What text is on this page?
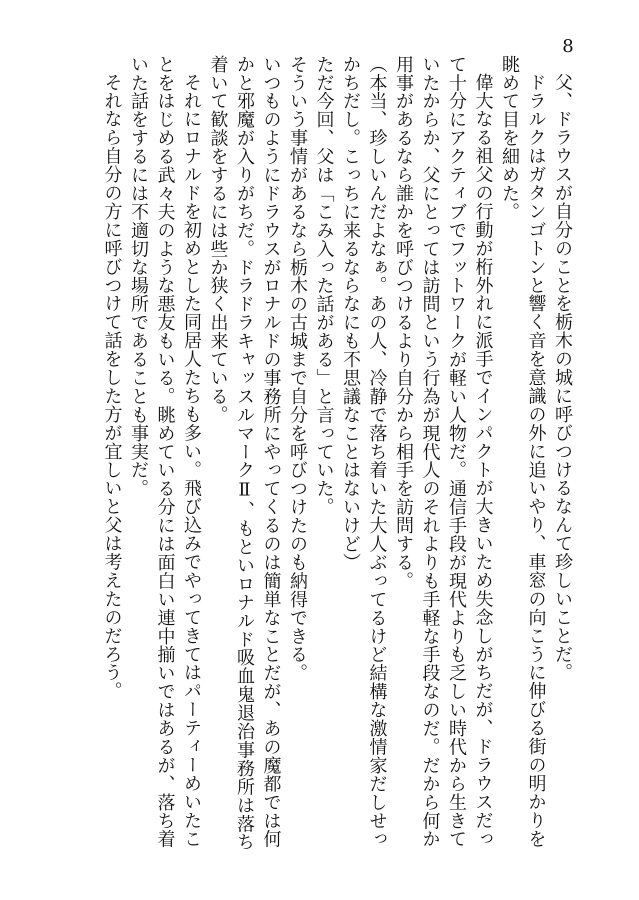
8

父、ドラウスが自分のことを栃木の城に呼びつけるなんて珍しいことだ。

ドラルクはガタンゴトンと響く音を意識の外に追いやり、車窓の向こうに伸びる街の明かりを眺めて目を細めた。

偉大なる祖父の行動が桁外れに派手でインパクトが大きいため失念しがちだが、ドラウスだって十分にアクティブでフットワークが軽い人物だ。通信手段が現代よりも乏しい時代から生きていたからか、父にとっては訪問という行為が現代人のそれよりも手軽な手段なのだ。だから何か用事があるなら誰かを呼びつけるより自分から相手を訪問する。

（本当、珍しいんだよなぁ。あの人、冷静で落ち着いた大人ぶってるけど結構な激情家だしせっかちだし。こっちに来るならなにも不思議なことはないけど）

ただ今回、父は「こみ入った話がある」と言っていた。

そういう事情があるなら栃木の古城まで自分を呼びつけたのも納得できる。

いつものようにドラウスがロナルドの事務所にやってくるのは簡単なことだが、あの魔都では何かと邪魔が入りがちだ。ドラドラキャッスルマークⅡ、もといロナルド吸血鬼退治事務所は落ち着いて歓談をするには些か狭く出来ている。

それにロナルドを初めとした同居人たちも多い。飛び込みでやってきてはパーティーめいたことをはじめる武々夫のような悪友もいる。眺めている分には面白い連中揃いではあるが、落ち着いた話をするには不適切な場所であることも事実だ。

それなら自分の方に呼びつけて話をした方が宜しいと父は考えたのだろう。
